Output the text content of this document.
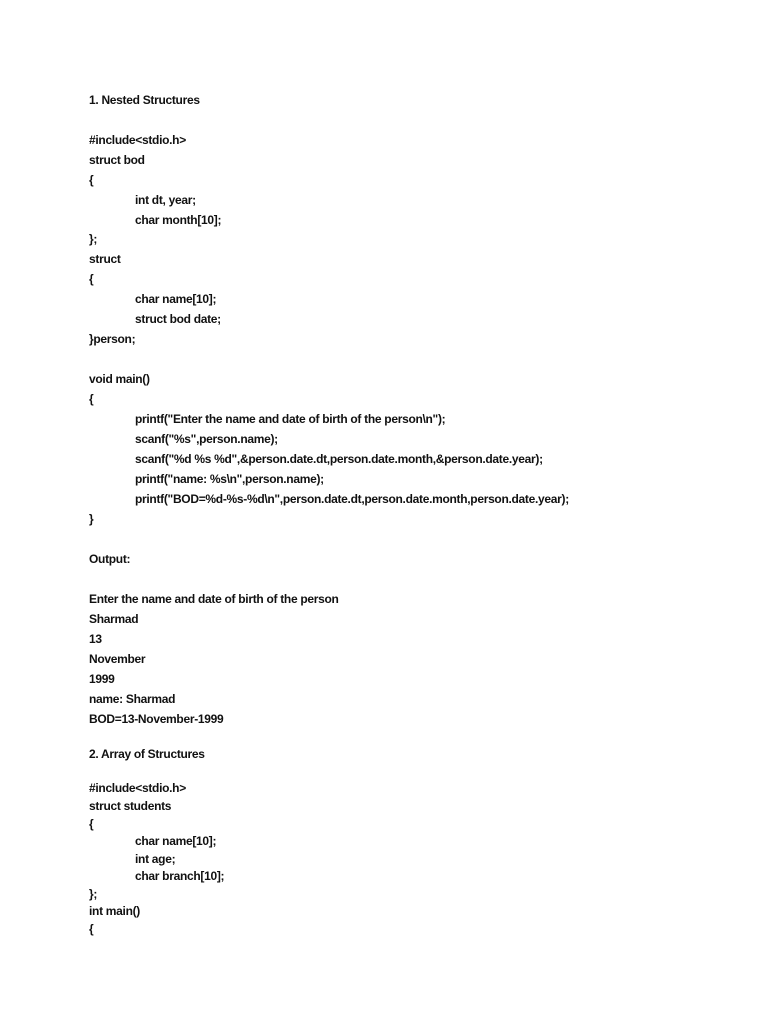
1. Nested Structures
#include<stdio.h>
struct bod
{
int dt, year;
char month[10];
};
struct
{
char name[10];
struct bod date;
}person;
void main()
{
printf("Enter the name and date of birth of the person\n");
scanf("%s",person.name);
scanf("%d %s %d",&person.date.dt,person.date.month,&person.date.year);
printf("name: %s\n",person.name);
printf("BOD=%d-%s-%d\n",person.date.dt,person.date.month,person.date.year);
}
Output:
Enter the name and date of birth of the person
Sharmad
13
November
1999
name: Sharmad
BOD=13-November-1999
2. Array of Structures
#include<stdio.h>
struct students
{
char name[10];
int age;
char branch[10];
};
int main()
{
